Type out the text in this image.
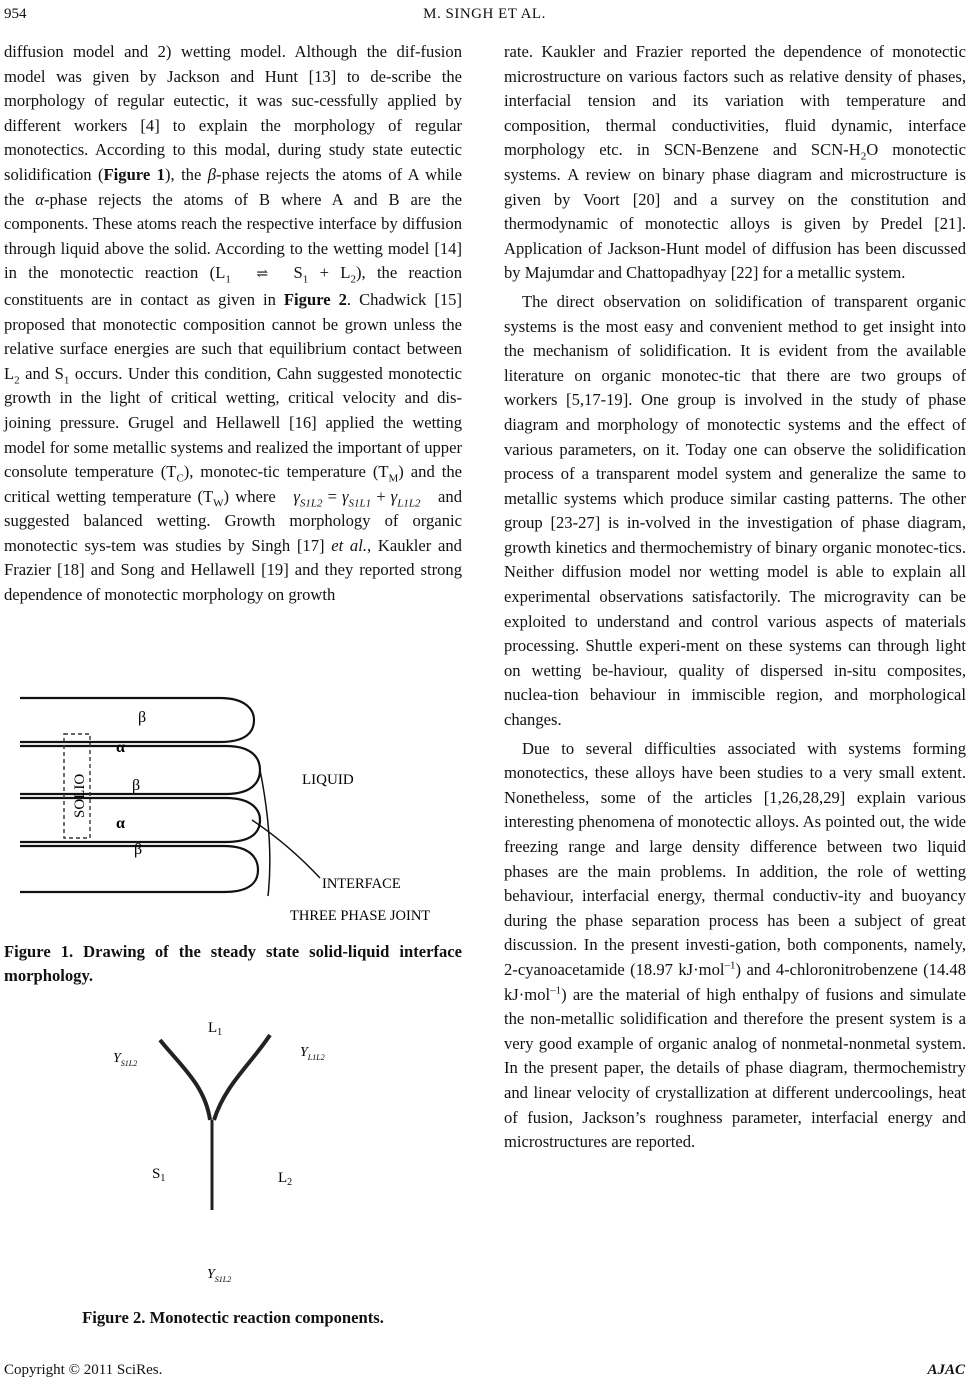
954	M. SINGH ET AL.

diffusion model and 2) wetting model. Although the dif-fusion model was given by Jackson and Hunt [13] to de-scribe the morphology of regular eutectic, it was suc-cessfully applied by different workers [4] to explain the morphology of regular monotectics. According to this modal, during study state eutectic solidification (Figure 1), the β-phase rejects the atoms of A while the α-phase rejects the atoms of B where A and B are the components. These atoms reach the respective interface by diffusion through liquid above the solid. According to the wetting model [14] in the monotectic reaction ($L_1$ ⇌ $S_1 + L_2$), the reaction constituents are in contact as given in Figure 2. Chadwick [15] proposed that monotectic composition cannot be grown unless the relative surface energies are such that equilibrium contact between $L_2$ and $S_1$ occurs. Under this condition, Cahn suggested monotectic growth in the light of critical wetting, critical velocity and dis-joining pressure. Grugel and Hellawell [16] applied the wetting model for some metallic systems and realized the important of upper consolute temperature $(T_C)$, monotec-tic temperature $(T_M)$ and the critical wetting temperature $(T_W)$ where $\gamma_{S1L2} = \gamma_{S1L1} + \gamma_{L1L2}$ and suggested balanced wetting. Growth morphology of organic monotectic sys-tem was studies by Singh [17] et al., Kaukler and Frazier [18] and Song and Hellawell [19] and they reported strong dependence of monotectic morphology on growth

β
α
β
α
β
SOLIO	LIQUID
INTERFACE
THREE PHASE JOINT
Figure 1. Drawing of the steady state solid-liquid interface morphology.
$L_1$
$Y_{S1L2}$
$Y_{L1L2}$
$S_1$	$L_2$
$Y_{S1L2}$
Figure 2. Monotectic reaction components.

rate. Kaukler and Frazier reported the dependence of monotectic microstructure on various factors such as relative density of phases, interfacial tension and its variation with temperature and composition, thermal conductivities, fluid dynamic, interface morphology etc. in SCN-Benzene and SCN-$H_2O$ monotectic systems. A review on binary phase diagram and microstructure is given by Voort [20] and a survey on the constitution and thermodynamic of monotectic alloys is given by Predel [21]. Application of Jackson-Hunt model of diffusion has been discussed by Majumdar and Chattopadhyay [22] for a metallic system.

The direct observation on solidification of transparent organic systems is the most easy and convenient method to get insight into the mechanism of solidification. It is evident from the available literature on organic monotec-tic that there are two groups of workers [5,17-19]. One group is involved in the study of phase diagram and morphology of monotectic systems and the effect of various parameters, on it. Today one can observe the solidification process of a transparent model system and generalize the same to metallic systems which produce similar casting patterns. The other group [23-27] is in-volved in the investigation of phase diagram, growth kinetics and thermochemistry of binary organic monotec-tics. Neither diffusion model nor wetting model is able to explain all experimental observations satisfactorily. The microgravity can be exploited to understand and control various aspects of materials processing. Shuttle experi-ment on these systems can through light on wetting be-haviour, quality of dispersed in-situ composites, nuclea-tion behaviour in immiscible region, and morphological changes.

Due to several difficulties associated with systems forming monotectics, these alloys have been studies to a very small extent. Nonetheless, some of the articles [1,26,28,29] explain various interesting phenomena of monotectic alloys. As pointed out, the wide freezing range and large density difference between two liquid phases are the main problems. In addition, the role of wetting behaviour, interfacial energy, thermal conductiv-ity and buoyancy during the phase separation process has been a subject of great discussion. In the present investi-gation, both components, namely, 2-cyanoacetamide (18.97 kJ·mol$^{-1}$) and 4-chloronitrobenzene (14.48 kJ·mol$^{-1}$) are the material of high enthalpy of fusions and simulate the non-metallic solidification and therefore the present system is a very good example of organic analog of nonmetal-nonmetal system. In the present paper, the details of phase diagram, thermochemistry and linear velocity of crystallization at different undercoolings, heat of fusion, Jackson’s roughness parameter, interfacial energy and microstructures are reported.

Copyright © 2011 SciRes.	AJAC
